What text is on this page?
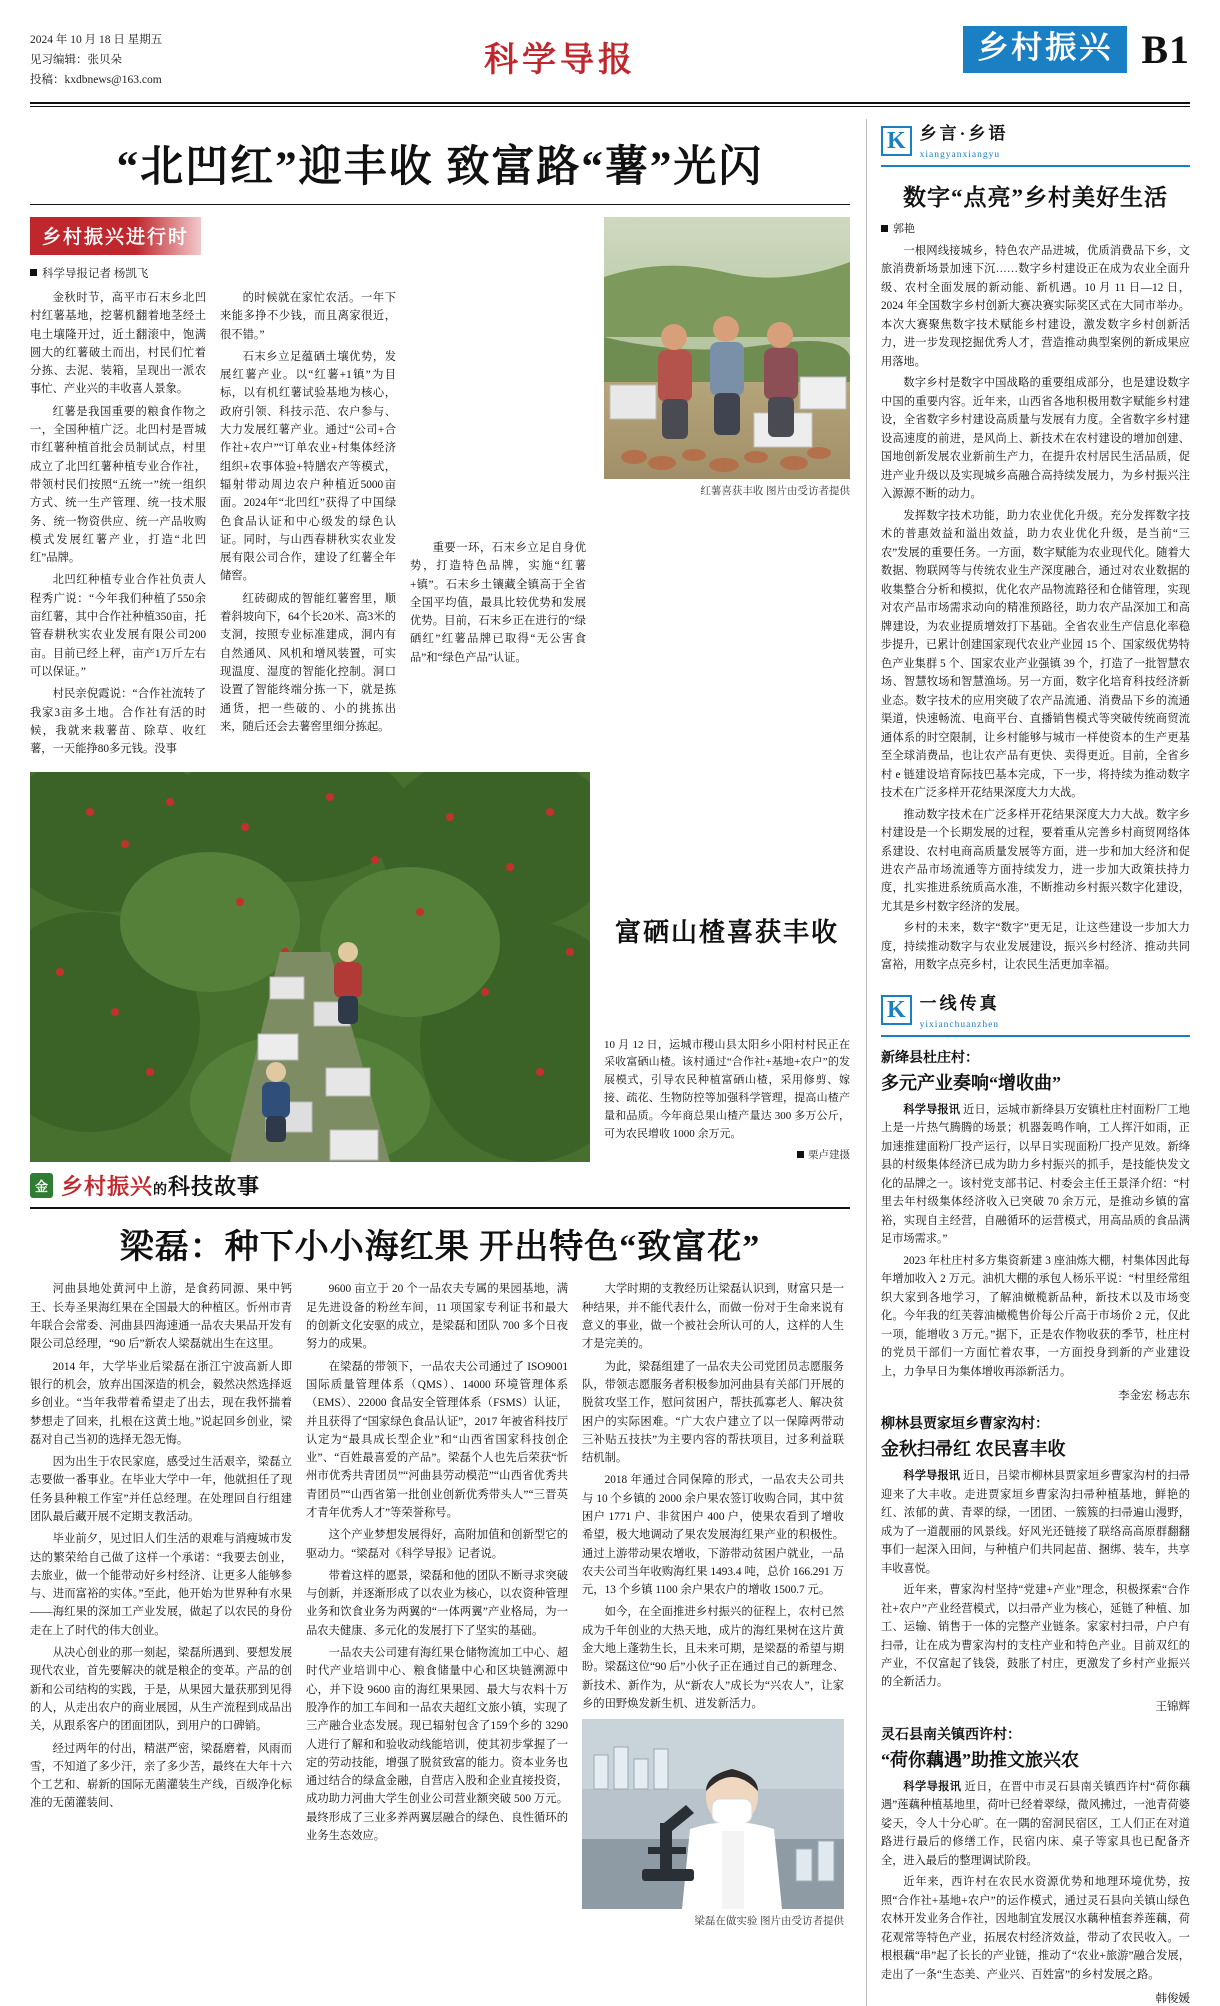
2024 年 10 月 18 日 星期五
见习编辑：张贝朵
投稿：kxdbnews@163.com
科学导报	乡村振兴 B1
“北凹红”迎丰收 致富路“薯”光闪
乡村振兴进行时
科学导报记者 杨凯飞

金秋时节，高平市石末乡北凹村红薯基地，挖薯机翻着地茎经土电土壤隆开过，近土翻滚中，饱满圆大的红薯破土而出，村民们忙着分拣、去泥、装箱，呈现出一派农事忙、产业兴的丰收喜人景象。

红薯是我国重要的粮食作物之一，全国种植广泛。北凹村是晋城市红薯种植首批会员制试点，村里成立了北凹红薯种植专业合作社，带领村民们按照“五统一”统一组织方式、统一生产管理、统一技术服务、统一物资供应、统一产品收购模式发展红薯产业，打造“北凹红”品牌。

北凹红种植专业合作社负责人程秀广说：“今年我们种植了550余亩红薯，其中合作社种植350亩，托管春耕秋实农业发展有限公司200亩。目前已经上秤，亩产1万斤左右可以保证。”

村民亲倪霞说：“合作社流转了我家3亩多土地。合作社有活的时候，我就来栽薯苗、除草、收红薯，一天能挣80多元钱。没事

的时候就在家忙农活。一年下来能多挣不少钱，而且离家很近，很不错。”

石末乡立足蕴硒土壤优势，发展红薯产业。以“红薯+1镇”为目标，以有机红薯试验基地为核心，政府引领、科技示范、农户参与、大力发展红薯产业。通过“公司+合作社+农户”“订单农业+村集体经济组织+农事体验+特膳农产等模式，辐射带动周边农户种植近5000亩面。2024年“北凹红”获得了中国绿色食品认证和中心级发的绿色认证。同时，与山西春耕秋实农业发展有限公司合作，建设了红薯全年储窖。

红砖砌成的智能红薯窖里，顺着斜坡向下，64个长20米、高3米的支洞，按照专业标准建成，洞内有自然通风、风机和增风装置，可实现温度、湿度的智能化控制。洞口设置了智能终端分拣一下，就是拣通货，把一些破的、小的挑拣出来，随后还会去薯窖里细分拣起。

重要一环，石末乡立足自身优势，打造特色品牌，实施“红薯+镇”。石末乡土镶藏全镇高于全省全国平均值，最具比较优势和发展优势。目前，石末乡正在进行的“绿硒红”红薯品牌已取得“无公害食品”和“绿色产品”认证。

红薯喜获丰收 图片由受访者提供
富硒山楂喜获丰收

10 月 12 日，运城市稷山县太阳乡小阳村村民正在采收富硒山楂。该村通过“合作社+基地+农户”的发展模式，引导农民种植富硒山楂，采用修剪、嫁接、疏花、生物防控等加强科学管理，提高山楂产量和品质。今年商总果山楂产量达 300 多万公斤，可为农民增收 1000 余万元。

栗卢建摄
金 乡村振兴的科技故事
梁磊：种下小小海红果 开出特色“致富花”

河曲县地处黄河中上游，是食药同源、果中钙王、长寿圣果海红果在全国最大的种植区。忻州市青年联合会常委、河曲县四海速通一品农夫果品开发有限公司总经理，“90 后”新农人梁磊就出生在这里。

2014 年，大学毕业后梁磊在浙江宁波高新人即银行的机会，放弃出国深造的机会，毅然决然选择返乡创业。“当年我带着希望走了出去，现在我怀揣着梦想走了回来，扎根在这黄土地。”说起回乡创业，梁磊对自己当初的选择无怨无悔。

因为出生于农民家庭，感受过生活艰辛，梁磊立志要做一番事业。在毕业大学中一年，他就担任了现任务县种粮工作室”并任总经理。在处理回自行组建团队最后藏开展不定期支教活动。

毕业前夕，见过旧人们生活的艰难与消瘦城市发达的繁荣给自己做了这样一个承诺：“我要去创业，去旅业，做一个能带动好乡村经济、让更多人能够参与、进而富裕的实体。”至此，他开始为世界种有水果——海红果的深加工产业发展，做起了以农民的身份走在上了时代的伟大创业。

从决心创业的那一刻起，梁磊所遇到、要想发展现代农业，首先要解决的就是粮企的变革。产品的创新和公司结构的实践，于是，从果园大量获那到见得的人，从走出农户的商业展园，从生产流程到成品出关，从跟系客户的团面团队，到用户的口碑销。

经过两年的付出，精湛严密，梁磊磨着，风雨而雪，不知道了多少汗，亲了多少苦，最终在大年十六个工艺和、崭新的国际无菌灌装生产线，百级净化标准的无菌灌装间、

9600 亩立于 20 个一品农夫专属的果园基地，满足先进设备的粉丝车间，11 项国家专利证书和最大的创新文化安驱的成立，是梁磊和团队 700 多个日夜努力的成果。

在梁磊的带领下，一品农夫公司通过了 ISO9001 国际质量管理体系（QMS）、14000 环境管理体系（EMS）、22000 食品安全管理体系（FSMS）认证，并且获得了“国家绿色食品认证”，2017 年被省科技厅认定为“最具成长型企业”和“山西省国家科技创企业”、“百姓最喜爱的产品”。梁磊个人也先后荣获“忻州市优秀共青团员”“河曲县劳动模范”“山西省优秀共青团员”“山西省第一批创业创新优秀带头人”“三晋英才青年优秀人才”等荣誉称号。

这个产业梦想发展得好，高附加值和创新型它的驱动力。“梁磊对《科学导报》记者说。

带着这样的愿景，梁磊和他的团队不断寻求突破与创新，并逐渐形成了以农业为核心，以农资种管理业务和饮食业务为两翼的“一体两翼”产业格局，为一品农夫健康、多元化的发展打下了坚实的基础。

一品农夫公司建有海红果仓储物流加工中心、超时代产业培训中心、粮食储量中心和区块链溯源中心，并下设 9600 亩的海红果果园、最大与农料十万股净作的加工车间和一品农夫超红文旅小镇，实现了三产融合业态发展。现已辐射包含了159个乡的 3290 人进行了解和和验收动线能培训，使其初步掌握了一定的劳动技能，增强了脱贫致富的能力。资本业务也通过结合的绿盒金融，自营店入股和企业直接投资，成功助力河曲大学生创业公司营业额突破 500 万元。最终形成了三业多养两翼层融合的绿色、良性循环的业务生态效应。

大学时期的支教经历让梁磊认识到，财富只是一种结果，并不能代表什么，而做一份对于生命来说有意义的事业，做一个被社会所认可的人，这样的人生才是完美的。

为此，梁磊组建了一品农夫公司党团员志愿服务队，带领志愿服务者积极参加河曲县有关部门开展的脱贫攻坚工作，慰问贫困户，帮扶孤寡老人、解决贫困户的实际困难。“广大农户建立了以一保障两带动三补贴五技扶”为主要内容的帮扶项目，过多利益联结机制。

2018 年通过合同保障的形式，一品农夫公司共与 10 个乡镇的 2000 余户果农签订收购合同，其中贫困户 1771 户、非贫困户 400 户，使果农看到了增收希望，极大地调动了果农发展海红果产业的积极性。通过上游带动果农增收，下游带动贫困户就业，一品农夫公司当年收购海红果 1493.4 吨，总价 166.291 万元，13 个乡镇 1100 余户果农户的增收 1500.7 元。

如今，在全面推进乡村振兴的征程上，农村已然成为千年创业的大热天地，成片的海红果树在这片黄金大地上蓬勃生长，且未来可期，是梁磊的希望与期盼。梁磊这位“90 后”小伙子正在通过自己的新理念、新技术、新作为，从“新农人”成长为“兴农人”，让家乡的田野焕发新生机、迸发新活力。

梁磊在做实验 图片由受访者提供
K 乡言·乡语
xiangyanxiangyu
数字“点亮”乡村美好生活
郭艳

一根网线接城乡，特色农产品进城，优质消费品下乡，文旅消费新场景加速下沉……数字乡村建设正在成为农业全面升级、农村全面发展的新动能、新机遇。10 月 11 日—12 日，2024 年全国数字乡村创新大赛决赛实际奖区式在大同市举办。本次大赛聚焦数字技术赋能乡村建设，激发数字乡村创新活力，进一步发现挖掘优秀人才，营造推动典型案例的新成果应用落地。

数字乡村是数字中国战略的重要组成部分，也是建设数字中国的重要内容。近年来，山西省各地积极用数字赋能乡村建设，全省数字乡村建设高质量与发展有力度。全省数字乡村建设高速度的前进，是风尚上、新技术在农村建设的增加创建、国地创新发展农业新前生产力，在提升农村居民生活品质，促进产业升级以及实现城乡高融合高持续发展力，为乡村振兴注入源源不断的动力。

发挥数字技术功能，助力农业优化升级。充分发挥数字技术的普惠效益和溢出效益，助力农业优化升级，是当前“三农”发展的重要任务。一方面，数字赋能为农业现代化。随着大数据、物联网等与传统农业生产深度融合，通过对农业数据的收集整合分析和模拟，优化农产品物流路径和仓储管理，实现对农产品市场需求动向的精准预路径，助力农产品深加工和高牌建设，为农业提质增效打下基础。全省农业生产信息化率稳步提升，已累计创建国家现代农业产业园 15 个、国家级优势特色产业集群 5 个、国家农业产业强镇 39 个，打造了一批智慧农场、智慧牧场和智慧渔场。另一方面，数字化培育科技经济新业态。数字技术的应用突破了农产品流通、消费品下乡的流通渠道，快速畅流、电商平台、直播销售模式等突破传统商贸流通体系的时空限制，让乡村能够与城市一样使资本的生产更基至全球消费品，也让农产品有更快、卖得更近。目前，全省乡村 e 链建设培育际技巴基本完成，下一步，将持续为推动数字技术在广泛多样开花结果深度大力大战。

推动数字技术在广泛多样开花结果深度大力大战。数字乡村建设是一个长期发展的过程，要着重从完善乡村商贸网络体系建设、农村电商高质量发展等方面，进一步和加大经济和促进农产品市场流通等方面持续发力，进一步加大政策扶持力度，扎实推进系统质高水准，不断推动乡村振兴数字化建设，尤其是乡村数字经济的发展。

乡村的未来，数字“数字”更无足，让这些建设一步加大力度，持续推动数字与农业发展建设，振兴乡村经济、推动共同富裕，用数字点亮乡村，让农民生活更加幸福。

K 一线传真
yixianchuanzhen
新绛县杜庄村：
多元产业奏响“增收曲”

科学导报讯 近日，运城市新绛县万安镇杜庄村面粉厂工地上是一片热气腾腾的场景；机器轰鸣作响，工人挥汗如雨，正加速推建面粉厂投产运行，以早日实现面粉厂投产见效。新绛县的村级集体经济已成为助力乡村振兴的抓手，是技能快发文化的品牌之一。该村党支部书记、村委会主任王景泽介绍：“村里去年村级集体经济收入已突破 70 余万元，是推动乡镇的富裕，实现自主经营，自融循环的运营模式，用高品质的食品满足市场需求。”

2023 年杜庄村多方集资新建 3 座油炼大棚，村集体因此每年增加收入 2 万元。油机大棚的承包人杨乐平说：“村里经常组织大家到各地学习，了解油橄榄新品种，新技术以及市场变化。今年我的红芙蓉油橄榄售价每公斤高于市场价 2 元，仅此一项，能增收 3 万元。”据下，正是农作物收获的季节，杜庄村的党员干部们一方面忙着农事，一方面投身到新的产业建设上，力争早日为集体增收再添新活力。

李金宏 杨志东
柳林县贾家垣乡曹家沟村：
金秋扫帚红 农民喜丰收

科学导报讯 近日，吕梁市柳林县贾家垣乡曹家沟村的扫帚迎来了大丰收。走进贾家垣乡曹家沟扫帚种植基地，鲜艳的红、浓郁的黄、青翠的绿，一团团、一簇簇的扫帚遍山漫野，成为了一道靓丽的风景线。好风光还链接了联络高高原群翻翻事们一起深入田间，与种植户们共同起苗、捆绑、装车，共享丰收喜悦。

近年来，曹家沟村坚持“党建+产业”理念，积极探索“合作社+农户”产业经营模式，以扫帚产业为核心，延链了种植、加工、运输、销售于一体的完整产业链条。家家村扫帚，户户有扫帚，让在成为曹家沟村的支柱产业和特色产业。目前双红的产业，不仅富起了钱袋，鼓胀了村庄，更激发了乡村产业振兴的全新活力。

王锦辉
灵石县南关镇西许村：
“荷你藕遇”助推文旅兴农

科学导报讯 近日，在晋中市灵石县南关镇西许村“荷你藕遇”莲藕种植基地里，荷叶已经着翠绿，微风拂过，一池青荷婆娑天，令人十分心旷。在一隅的窑洞民宿区，工人们正在对道路进行最后的修缮工作，民宿内床、桌子等家具也已配备齐全，进入最后的整理调试阶段。

近年来，西许村在农民水资源优势和地理环境优势，按照“合作社+基地+农户”的运作模式，通过灵石县向关镇山绿色农林开发业务合作社，因地制宜发展汉水藕种植套养莲藕，荷花观常等特色产业，拓展农村经济效益，带动了农民收入。一根根藕“串”起了长长的产业链，推动了“农业+旅游”融合发展，走出了一条“生态美、产业兴、百姓富”的乡村发展之路。

韩俊媛
